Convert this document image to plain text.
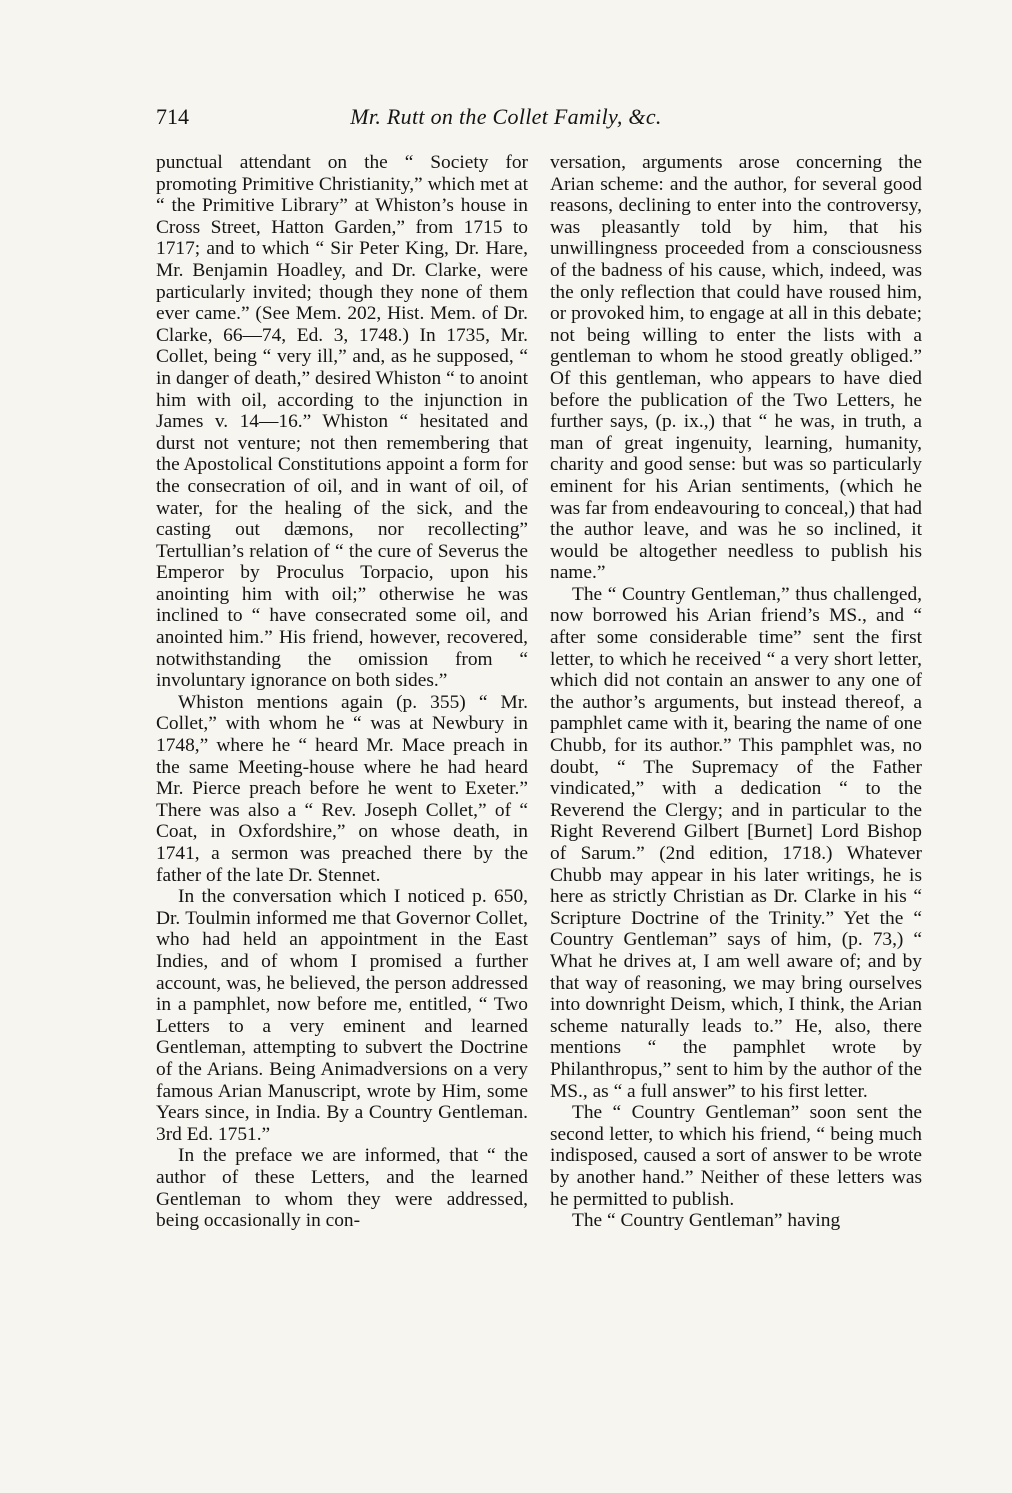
714	Mr. Rutt on the Collet Family, &c.

punctual attendant on the “ Society for promoting Primitive Christianity,” which met at “ the Primitive Library” at Whiston’s house in Cross Street, Hatton Garden,” from 1715 to 1717; and to which “ Sir Peter King, Dr. Hare, Mr. Benjamin Hoadley, and Dr. Clarke, were particularly invited; though they none of them ever came.” (See Mem. 202, Hist. Mem. of Dr. Clarke, 66—74, Ed. 3, 1748.) In 1735, Mr. Collet, being “ very ill,” and, as he supposed, “ in danger of death,” desired Whiston “ to anoint him with oil, according to the injunction in James v. 14—16.” Whiston “ hesitated and durst not venture; not then remembering that the Apostolical Constitutions appoint a form for the consecration of oil, and in want of oil, of water, for the healing of the sick, and the casting out dæmons, nor recollecting” Tertullian’s relation of “ the cure of Severus the Emperor by Proculus Torpacio, upon his anointing him with oil;” otherwise he was inclined to “ have consecrated some oil, and anointed him.” His friend, however, recovered, notwithstanding the omission from “ involuntary ignorance on both sides.”

Whiston mentions again (p. 355) “ Mr. Collet,” with whom he “ was at Newbury in 1748,” where he “ heard Mr. Mace preach in the same Meeting-house where he had heard Mr. Pierce preach before he went to Exeter.” There was also a “ Rev. Joseph Collet,” of “ Coat, in Oxfordshire,” on whose death, in 1741, a sermon was preached there by the father of the late Dr. Stennet.

In the conversation which I noticed p. 650, Dr. Toulmin informed me that Governor Collet, who had held an appointment in the East Indies, and of whom I promised a further account, was, he believed, the person addressed in a pamphlet, now before me, entitled, “ Two Letters to a very eminent and learned Gentleman, attempting to subvert the Doctrine of the Arians. Being Animadversions on a very famous Arian Manuscript, wrote by Him, some Years since, in India. By a Country Gentleman. 3rd Ed. 1751.”

In the preface we are informed, that “ the author of these Letters, and the learned Gentleman to whom they were addressed, being occasionally in con-

versation, arguments arose concerning the Arian scheme: and the author, for several good reasons, declining to enter into the controversy, was pleasantly told by him, that his unwillingness proceeded from a consciousness of the badness of his cause, which, indeed, was the only reflection that could have roused him, or provoked him, to engage at all in this debate; not being willing to enter the lists with a gentleman to whom he stood greatly obliged.” Of this gentleman, who appears to have died before the publication of the Two Letters, he further says, (p. ix.,) that “ he was, in truth, a man of great ingenuity, learning, humanity, charity and good sense: but was so particularly eminent for his Arian sentiments, (which he was far from endeavouring to conceal,) that had the author leave, and was he so inclined, it would be altogether needless to publish his name.”

The “ Country Gentleman,” thus challenged, now borrowed his Arian friend’s MS., and “ after some considerable time” sent the first letter, to which he received “ a very short letter, which did not contain an answer to any one of the author’s arguments, but instead thereof, a pamphlet came with it, bearing the name of one Chubb, for its author.” This pamphlet was, no doubt, “ The Supremacy of the Father vindicated,” with a dedication “ to the Reverend the Clergy; and in particular to the Right Reverend Gilbert [Burnet] Lord Bishop of Sarum.” (2nd edition, 1718.) Whatever Chubb may appear in his later writings, he is here as strictly Christian as Dr. Clarke in his “ Scripture Doctrine of the Trinity.” Yet the “ Country Gentleman” says of him, (p. 73,) “ What he drives at, I am well aware of; and by that way of reasoning, we may bring ourselves into downright Deism, which, I think, the Arian scheme naturally leads to.” He, also, there mentions “ the pamphlet wrote by Philanthropus,” sent to him by the author of the MS., as “ a full answer” to his first letter.

The “ Country Gentleman” soon sent the second letter, to which his friend, “ being much indisposed, caused a sort of answer to be wrote by another hand.” Neither of these letters was he permitted to publish.

The “ Country Gentleman” having
